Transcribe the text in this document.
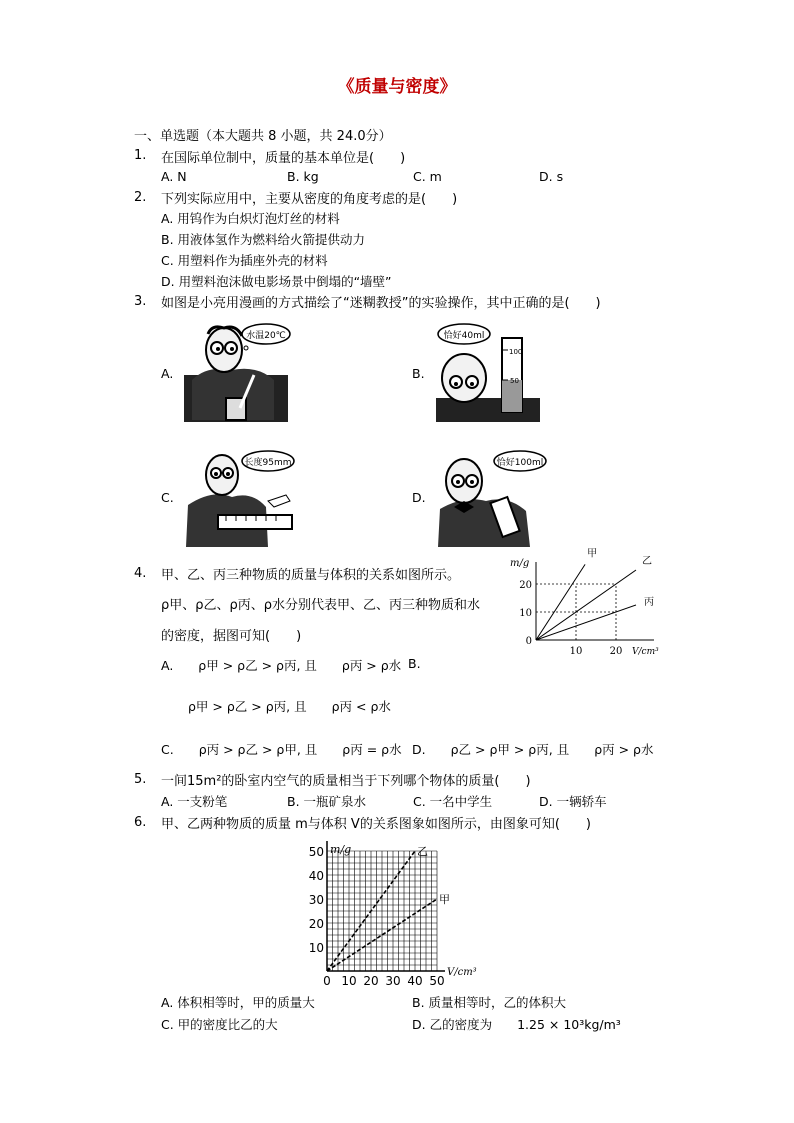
《质量与密度》
一、单选题（本大题共 8 小题，共 24.0分）
1. 在国际单位制中，质量的基本单位是(　　)
A. N	B. kg	C. m	D. s
2. 下列实际应用中，主要从密度的角度考虑的是(　　)
A. 用钨作为白炽灯泡灯丝的材料
B. 用液体氢作为燃料给火箭提供动力
C. 用塑料作为插座外壳的材料
D. 用塑料泡沫做电影场景中倒塌的“墙壁”
3. 如图是小亮用漫画的方式描绘了“迷糊教授”的实验操作，其中正确的是(　　)
A.
水温20℃
B.
100
50
恰好40ml
C.
长度95mm
D.
恰好100ml
4. 甲、乙、丙三种物质的质量与体积的关系如图所示。
ρ甲、ρ乙、ρ丙、ρ水分别代表甲、乙、丙三种物质和水
的密度，据图可知(　　)
A.　　ρ甲 > ρ乙 > ρ丙, 且　　ρ丙 > ρ水 B.
ρ甲 > ρ乙 > ρ丙, 且　　ρ丙 < ρ水
C.　　ρ丙 > ρ乙 > ρ甲, 且　　ρ丙 = ρ水 D.　　ρ乙 > ρ甲 > ρ丙, 且　　ρ丙 > ρ水
m/g
V/cm³
10	20
0
10
20
甲
乙
丙
5. 一间15m²的卧室内空气的质量相当于下列哪个物体的质量(　　)
A. 一支粉笔	B. 一瓶矿泉水	C. 一名中学生	D. 一辆轿车
6. 甲、乙两种物质的质量 m与体积 V的关系图象如图所示，由图象可知(　　)
m/g
V/cm³
0 10 20 30 40 50
10
20
30
40
50	乙
甲
A. 体积相等时，甲的质量大	B. 质量相等时，乙的体积大
C. 甲的密度比乙的大	D. 乙的密度为　　1.25 × 10³kg/m³
